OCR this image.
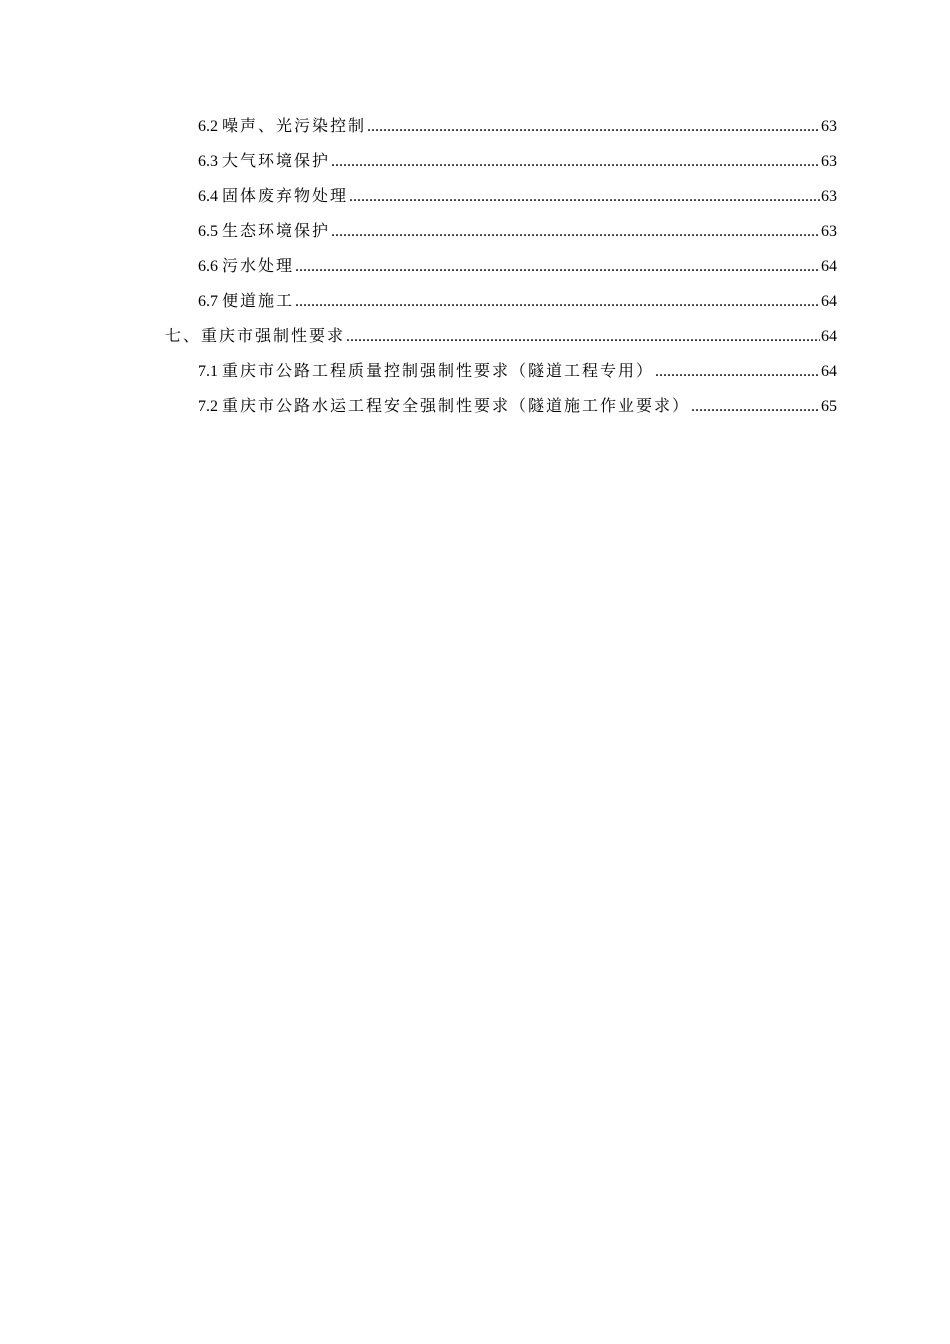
6.2 噪声、光污染控制 .....	63
6.3 大气环境保护 .....	63
6.4 固体废弃物处理 .....	63
6.5 生态环境保护 .....	63
6.6 污水处理 .....	64
6.7 便道施工 .....	64
七、重庆市强制性要求 .....	64
7.1 重庆市公路工程质量控制强制性要求（隧道工程专用） .....	64
7.2 重庆市公路水运工程安全强制性要求（隧道施工作业要求） .....	65
